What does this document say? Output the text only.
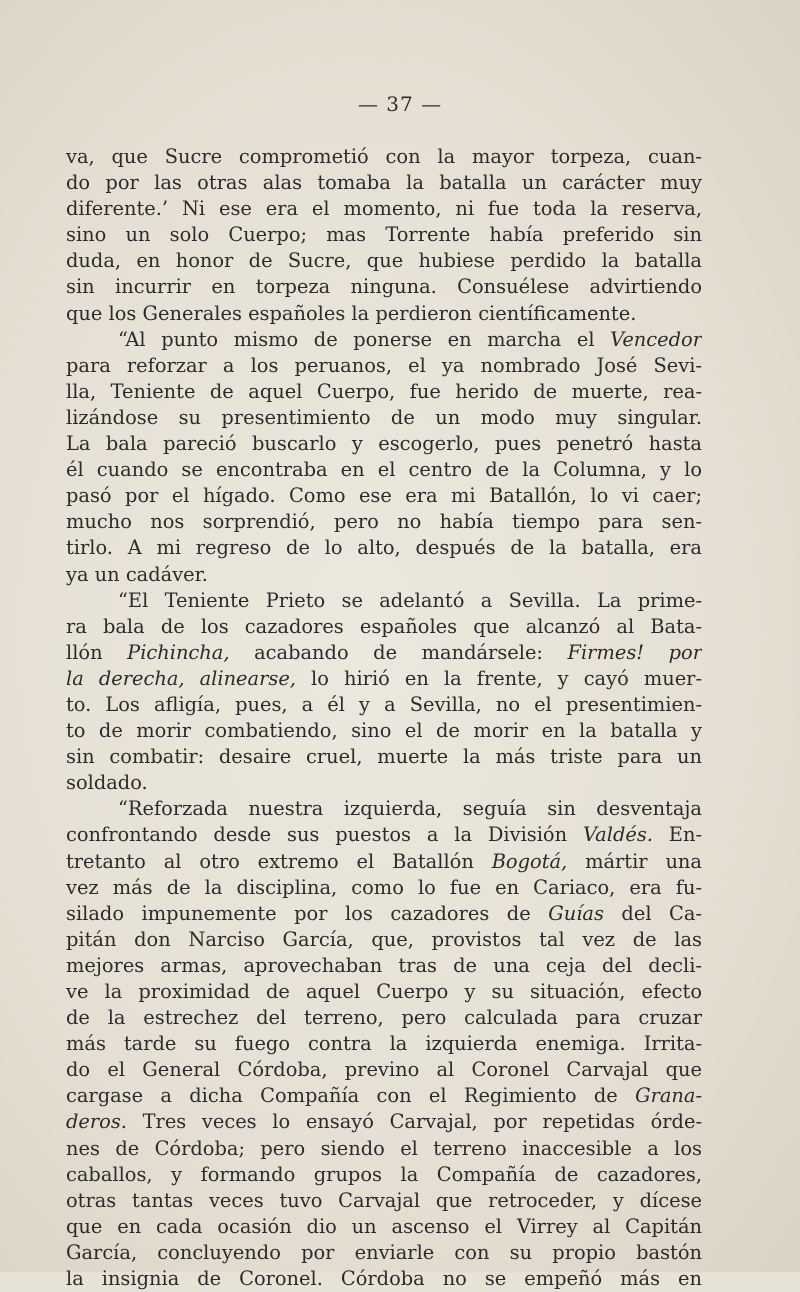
— 37 —
va, que Sucre comprometió con la mayor torpeza, cuan-
do por las otras alas tomaba la batalla un carácter muy
diferente.’ Ni ese era el momento, ni fue toda la reserva,
sino un solo Cuerpo; mas Torrente había preferido sin
duda, en honor de Sucre, que hubiese perdido la batalla
sin incurrir en torpeza ninguna. Consuélese advirtiendo
que los Generales españoles la perdieron científicamente.
“Al punto mismo de ponerse en marcha el Vencedor
para reforzar a los peruanos, el ya nombrado José Sevi-
lla, Teniente de aquel Cuerpo, fue herido de muerte, rea-
lizándose su presentimiento de un modo muy singular.
La bala pareció buscarlo y escogerlo, pues penetró hasta
él cuando se encontraba en el centro de la Columna, y lo
pasó por el hígado. Como ese era mi Batallón, lo vi caer;
mucho nos sorprendió, pero no había tiempo para sen-
tirlo. A mi regreso de lo alto, después de la batalla, era
ya un cadáver.
“El Teniente Prieto se adelantó a Sevilla. La prime-
ra bala de los cazadores españoles que alcanzó al Bata-
llón Pichincha, acabando de mandársele: Firmes! por
la derecha, alinearse, lo hirió en la frente, y cayó muer-
to. Los afligía, pues, a él y a Sevilla, no el presentimien-
to de morir combatiendo, sino el de morir en la batalla y
sin combatir: desaire cruel, muerte la más triste para un
soldado.
“Reforzada nuestra izquierda, seguía sin desventaja
confrontando desde sus puestos a la División Valdés. En-
tretanto al otro extremo el Batallón Bogotá, mártir una
vez más de la disciplina, como lo fue en Cariaco, era fu-
silado impunemente por los cazadores de Guías del Ca-
pitán don Narciso García, que, provistos tal vez de las
mejores armas, aprovechaban tras de una ceja del decli-
ve la proximidad de aquel Cuerpo y su situación, efecto
de la estrechez del terreno, pero calculada para cruzar
más tarde su fuego contra la izquierda enemiga. Irrita-
do el General Córdoba, previno al Coronel Carvajal que
cargase a dicha Compañía con el Regimiento de Grana-
deros. Tres veces lo ensayó Carvajal, por repetidas órde-
nes de Córdoba; pero siendo el terreno inaccesible a los
caballos, y formando grupos la Compañía de cazadores,
otras tantas veces tuvo Carvajal que retroceder, y dícese
que en cada ocasión dio un ascenso el Virrey al Capitán
García, concluyendo por enviarle con su propio bastón
la insignia de Coronel. Córdoba no se empeñó más en
